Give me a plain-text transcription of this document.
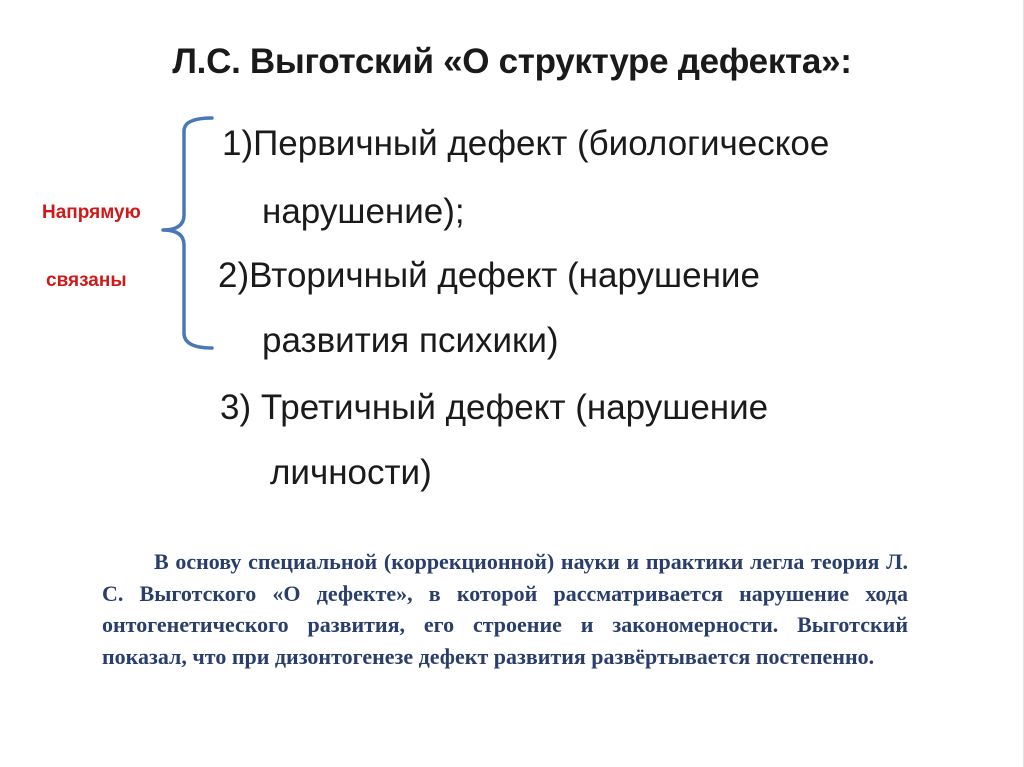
Л.С. Выготский «О структуре дефекта»:
Напрямую
связаны
1)Первичный дефект (биологическое
нарушение);
2)Вторичный дефект (нарушение
развития психики)
3) Третичный дефект (нарушение
личности)
В основу специальной (коррекционной) науки и практики легла теория Л. С. Выготского «О дефекте», в которой рассматривается нарушение хода онтогенетического развития, его строение и закономерности. Выготский показал, что при дизонтогенезе дефект развития развёртывается постепенно.
